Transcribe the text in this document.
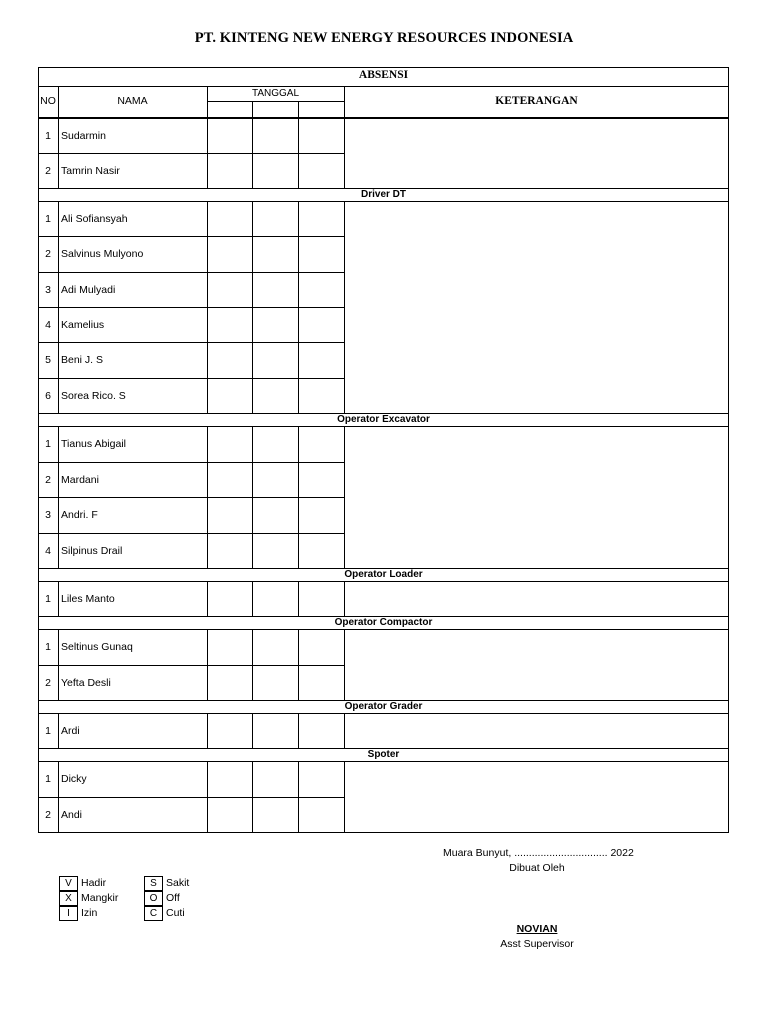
PT. KINTENG NEW ENERGY RESOURCES INDONESIA
ABSENSI
NO	NAMA
TANGGAL
KETERANGAN
1 Sudarmin
2 Tamrin Nasir
Driver DT
1 Ali Sofiansyah
2 Salvinus Mulyono
3 Adi Mulyadi
4 Kamelius
5 Beni J. S
6 Sorea Rico. S
Operator Excavator
1 Tianus Abigail
2 Mardani
3 Andri. F
4 Silpinus Drail
Operator Loader
1 Liles Manto
Operator Compactor
1 Seltinus Gunaq
2 Yefta Desli
Operator Grader
1 Ardi
Spoter
1 Dicky
2 Andi
V Hadir
X Mangkir
I	Izin
S Sakit
O Off
C Cuti
Muara Bunyut, ................................ 2022
Dibuat Oleh
NOVIAN
Asst Supervisor
